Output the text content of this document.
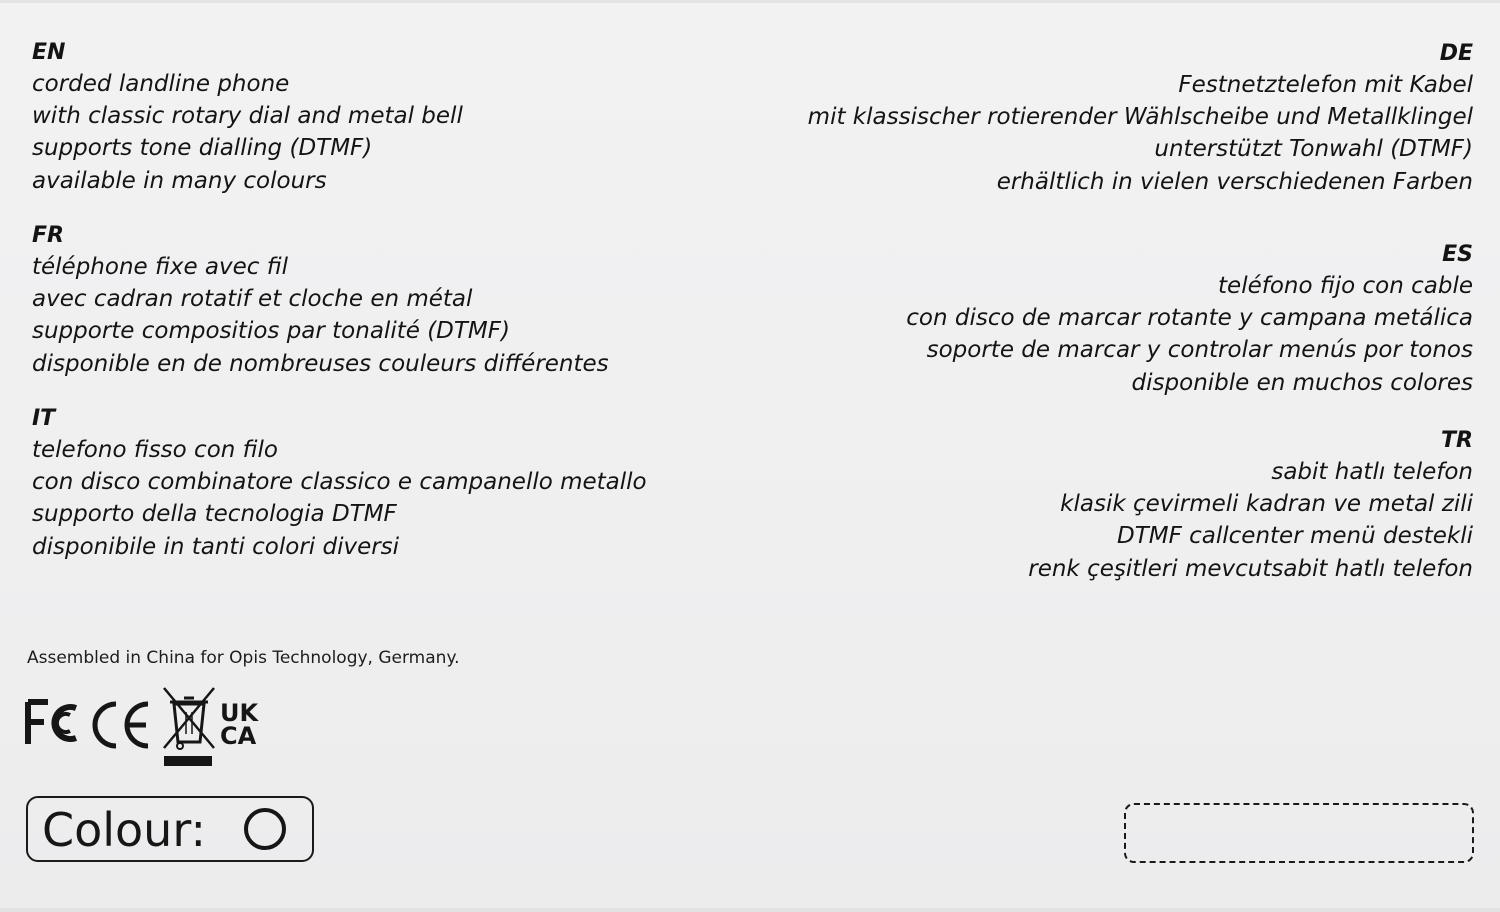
EN
corded landline phone
with classic rotary dial and metal bell
supports tone dialling (DTMF)
available in many colours
FR
téléphone fixe avec fil
avec cadran rotatif et cloche en métal
supporte compositios par tonalité (DTMF)
disponible en de nombreuses couleurs différentes
IT
telefono fisso con filo
con disco combinatore classico e campanello metallo
supporto della tecnologia DTMF
disponibile in tanti colori diversi
DE
Festnetztelefon mit Kabel
mit klassischer rotierender Wählscheibe und Metallklingel
unterstützt Tonwahl (DTMF)
erhältlich in vielen verschiedenen Farben
ES
teléfono fijo con cable
con disco de marcar rotante y campana metálica
soporte de marcar y controlar menús por tonos
disponible en muchos colores
TR
sabit hatlı telefon
klasik çevirmeli kadran ve metal zili
DTMF callcenter menü destekli
renk çeşitleri mevcutsabit hatlı telefon
Assembled in China for Opis Technology, Germany.
UK
CA
Colour:
